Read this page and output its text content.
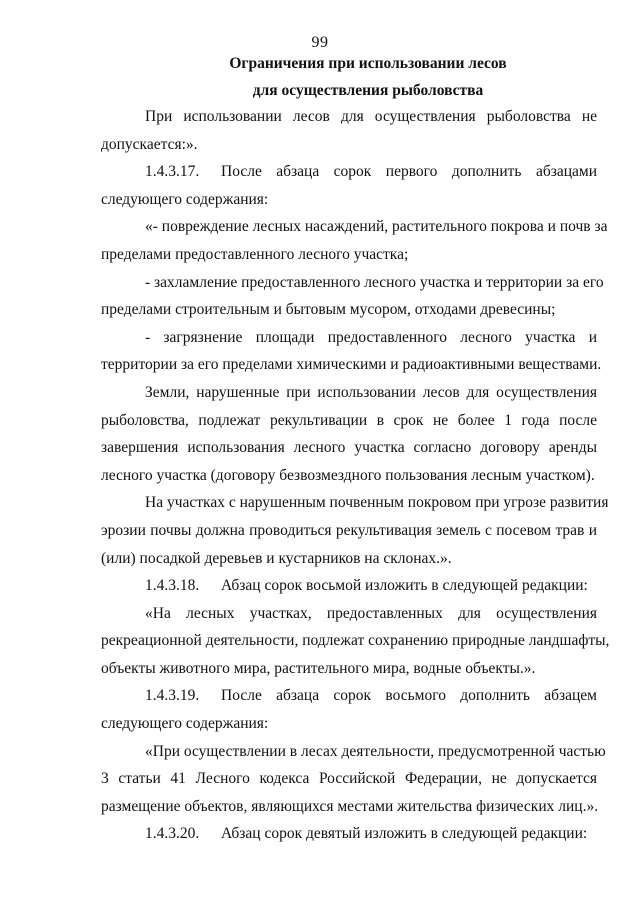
99
Ограничения при использовании лесов
для осуществления рыболовства

При использовании лесов для осуществления рыболовства не
допускается:».

1.4.3.17. После абзаца сорок первого дополнить абзацами
следующего содержания:

«- повреждение лесных насаждений, растительного покрова и почв за
пределами предоставленного лесного участка;

- захламление предоставленного лесного участка и территории за его
пределами строительным и бытовым мусором, отходами древесины;

- загрязнение площади предоставленного лесного участка и
территории за его пределами химическими и радиоактивными веществами.

Земли, нарушенные при использовании лесов для осуществления
рыболовства, подлежат рекультивации в срок не более 1 года после
завершения использования лесного участка согласно договору аренды
лесного участка (договору безвозмездного пользования лесным участком).

На участках с нарушенным почвенным покровом при угрозе развития
эрозии почвы должна проводиться рекультивация земель с посевом трав и
(или) посадкой деревьев и кустарников на склонах.».

1.4.3.18. Абзац сорок восьмой изложить в следующей редакции:

«На лесных участках, предоставленных для осуществления
рекреационной деятельности, подлежат сохранению природные ландшафты,
объекты животного мира, растительного мира, водные объекты.».

1.4.3.19. После абзаца сорок восьмого дополнить абзацем
следующего содержания:

«При осуществлении в лесах деятельности, предусмотренной частью
3 статьи 41 Лесного кодекса Российской Федерации, не допускается
размещение объектов, являющихся местами жительства физических лиц.».

1.4.3.20. Абзац сорок девятый изложить в следующей редакции:
